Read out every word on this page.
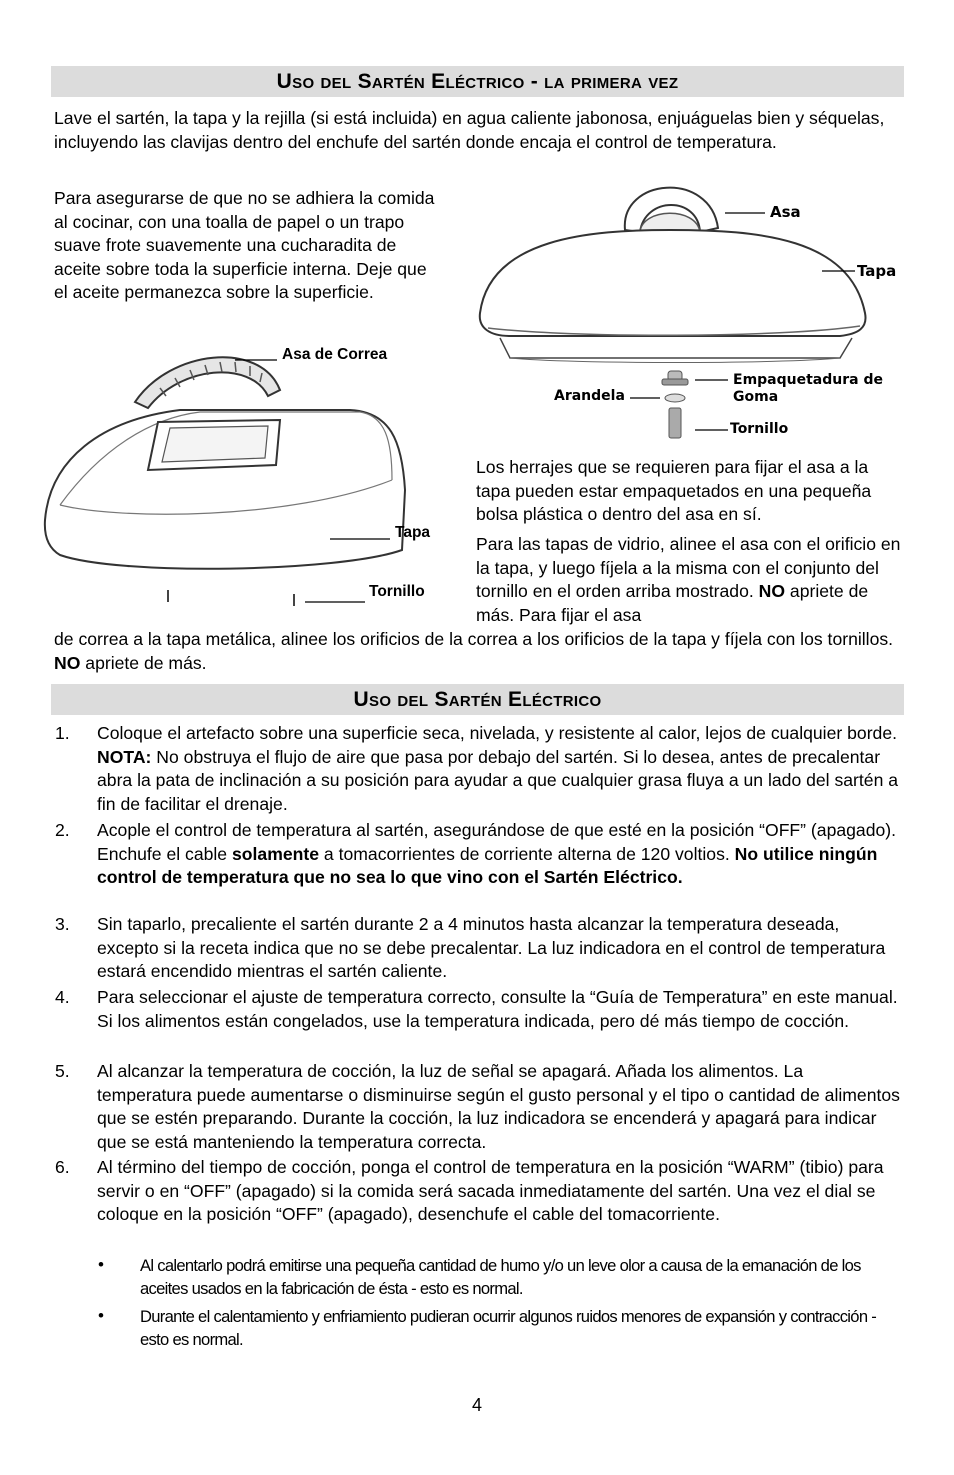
Uso del Sartén Eléctrico - la primera vez
Lave el sartén, la tapa y la rejilla (si está incluida) en agua caliente jabonosa, enjuáguelas bien y séquelas, incluyendo las clavijas dentro del enchufe del sartén donde encaja el control de temperatura.
Para asegurarse de que no se adhiera la comida al cocinar, con una toalla de papel o un trapo suave frote suavemente una cucharadita de aceite sobre toda la superficie interna. Deje que el aceite permanezca sobre la superficie.
Asa
Tapa
Empaquetadura de Goma
Arandela
Tornillo
Asa de Correa
Tapa
Tornillo
Los herrajes que se requieren para fijar el asa a la tapa pueden estar empaquetados en una pequeña bolsa plástica o dentro del asa en sí.
Para las tapas de vidrio, alinee el asa con el orificio en la tapa, y luego fíjela a la misma con el conjunto del tornillo en el orden arriba mostrado. NO apriete de más. Para fijar el asa
de correa a la tapa metálica, alinee los orificios de la correa a los orificios de la tapa y fíjela con los tornillos. NO apriete de más.
Uso del Sartén Eléctrico
1. Coloque el artefacto sobre una superficie seca, nivelada, y resistente al calor, lejos de cualquier borde. NOTA: No obstruya el flujo de aire que pasa por debajo del sartén. Si lo desea, antes de precalentar abra la pata de inclinación a su posición para ayudar a que cualquier grasa fluya a un lado del sartén a fin de facilitar el drenaje.
2. Acople el control de temperatura al sartén, asegurándose de que esté en la posición “OFF” (apagado). Enchufe el cable solamente a tomacorrientes de corriente alterna de 120 voltios. No utilice ningún control de temperatura que no sea lo que vino con el Sartén Eléctrico.
3. Sin taparlo, precaliente el sartén durante 2 a 4 minutos hasta alcanzar la temperatura deseada, excepto si la receta indica que no se debe precalentar. La luz indicadora en el control de temperatura estará encendido mientras el sartén caliente.
4. Para seleccionar el ajuste de temperatura correcto, consulte la “Guía de Temperatura” en este manual. Si los alimentos están congelados, use la temperatura indicada, pero dé más tiempo de cocción.
5. Al alcanzar la temperatura de cocción, la luz de señal se apagará. Añada los alimentos. La temperatura puede aumentarse o disminuirse según el gusto personal y el tipo o cantidad de alimentos que se estén preparando. Durante la cocción, la luz indicadora se encenderá y apagará para indicar que se está manteniendo la temperatura correcta.
6. Al término del tiempo de cocción, ponga el control de temperatura en la posición “WARM” (tibio) para servir o en “OFF” (apagado) si la comida será sacada inmediatamente del sartén. Una vez el dial se coloque en la posición “OFF” (apagado), desenchufe el cable del tomacorriente.
• Al calentarlo podrá emitirse una pequeña cantidad de humo y/o un leve olor a causa de la emanación de los aceites usados en la fabricación de ésta - esto es normal.
• Durante el calentamiento y enfriamiento pudieran ocurrir algunos ruidos menores de expansión y contracción - esto es normal.
4
